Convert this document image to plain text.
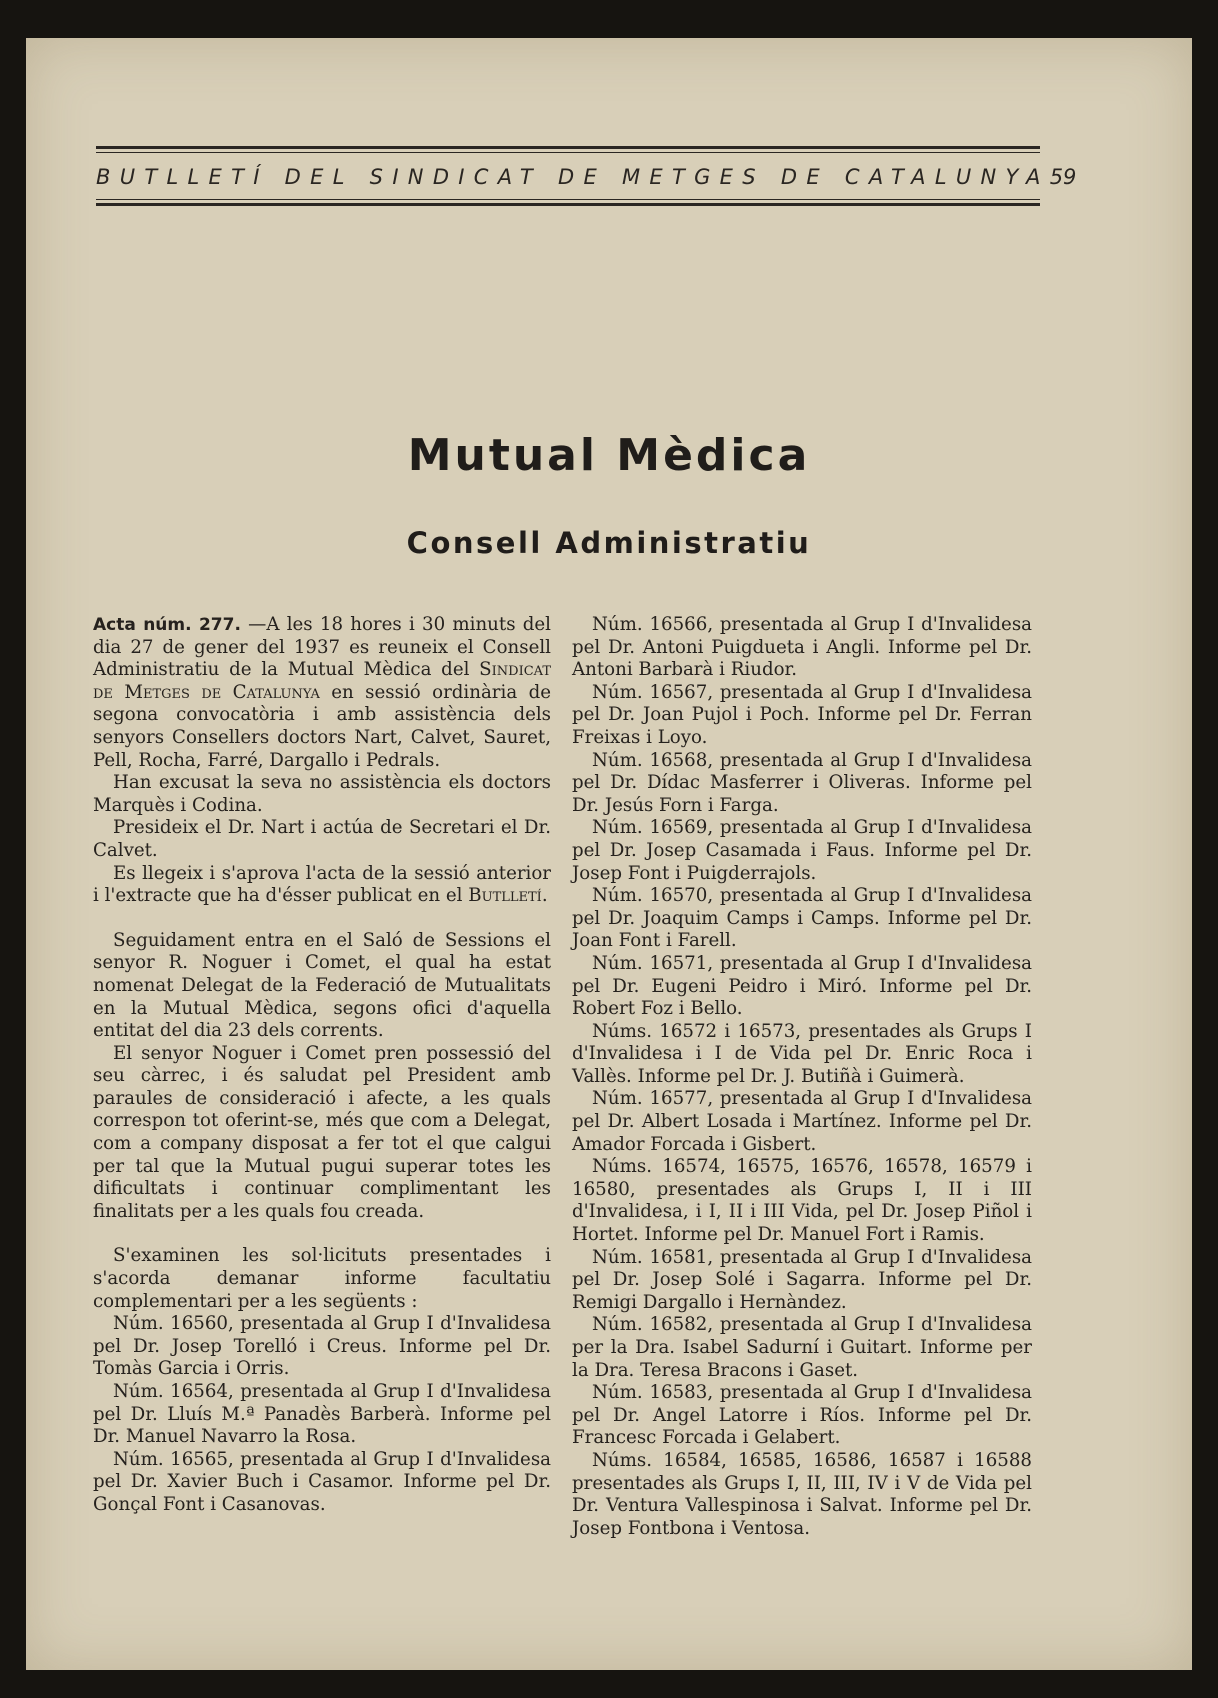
BUTLLETÍ DEL SINDICAT DE METGES DE CATALUNYA 59
Mutual Mèdica
Consell Administratiu

Acta núm. 277. —A les 18 hores i 30 minuts del dia 27 de gener del 1937 es reuneix el Consell Administratiu de la Mutual Mèdica del Sindicat de Metges de Catalunya en sessió ordinària de segona convocatòria i amb assistència dels senyors Consellers doctors Nart, Calvet, Sauret, Pell, Rocha, Farré, Dargallo i Pedrals.

Han excusat la seva no assistència els doctors Marquès i Codina.

Presideix el Dr. Nart i actúa de Secretari el Dr. Calvet.

Es llegeix i s'aprova l'acta de la sessió anterior i l'extracte que ha d'ésser publicat en el Butlletí.

Seguidament entra en el Saló de Sessions el senyor R. Noguer i Comet, el qual ha estat nomenat Delegat de la Federació de Mutualitats en la Mutual Mèdica, segons ofici d'aquella entitat del dia 23 dels corrents.

El senyor Noguer i Comet pren possessió del seu càrrec, i és saludat pel President amb paraules de consideració i afecte, a les quals correspon tot oferint-se, més que com a Delegat, com a company disposat a fer tot el que calgui per tal que la Mutual pugui superar totes les dificultats i continuar complimentant les finalitats per a les quals fou creada.

S'examinen les sol·licituts presentades i s'acorda demanar informe facultatiu complementari per a les següents :

Núm. 16560, presentada al Grup I d'Invalidesa pel Dr. Josep Torelló i Creus. Informe pel Dr. Tomàs Garcia i Orris.

Núm. 16564, presentada al Grup I d'Invalidesa pel Dr. Lluís M.ª Panadès Barberà. Informe pel Dr. Manuel Navarro la Rosa.

Núm. 16565, presentada al Grup I d'Invalidesa pel Dr. Xavier Buch i Casamor. Informe pel Dr. Gonçal Font i Casanovas.

Núm. 16566, presentada al Grup I d'Invalidesa pel Dr. Antoni Puigdueta i Angli. Informe pel Dr. Antoni Barbarà i Riudor.

Núm. 16567, presentada al Grup I d'Invalidesa pel Dr. Joan Pujol i Poch. Informe pel Dr. Ferran Freixas i Loyo.

Núm. 16568, presentada al Grup I d'Invalidesa pel Dr. Dídac Masferrer i Oliveras. Informe pel Dr. Jesús Forn i Farga.

Núm. 16569, presentada al Grup I d'Invalidesa pel Dr. Josep Casamada i Faus. Informe pel Dr. Josep Font i Puigderrajols.

Núm. 16570, presentada al Grup I d'Invalidesa pel Dr. Joaquim Camps i Camps. Informe pel Dr. Joan Font i Farell.

Núm. 16571, presentada al Grup I d'Invalidesa pel Dr. Eugeni Peidro i Miró. Informe pel Dr. Robert Foz i Bello.

Núms. 16572 i 16573, presentades als Grups I d'Invalidesa i I de Vida pel Dr. Enric Roca i Vallès. Informe pel Dr. J. Butiñà i Guimerà.

Núm. 16577, presentada al Grup I d'Invalidesa pel Dr. Albert Losada i Martínez. Informe pel Dr. Amador Forcada i Gisbert.

Núms. 16574, 16575, 16576, 16578, 16579 i 16580, presentades als Grups I, II i III d'Invalidesa, i I, II i III Vida, pel Dr. Josep Piñol i Hortet. Informe pel Dr. Manuel Fort i Ramis.

Núm. 16581, presentada al Grup I d'Invalidesa pel Dr. Josep Solé i Sagarra. Informe pel Dr. Remigi Dargallo i Hernàndez.

Núm. 16582, presentada al Grup I d'Invalidesa per la Dra. Isabel Sadurní i Guitart. Informe per la Dra. Teresa Bracons i Gaset.

Núm. 16583, presentada al Grup I d'Invalidesa pel Dr. Angel Latorre i Ríos. Informe pel Dr. Francesc Forcada i Gelabert.

Núms. 16584, 16585, 16586, 16587 i 16588 presentades als Grups I, II, III, IV i V de Vida pel Dr. Ventura Vallespinosa i Salvat. Informe pel Dr. Josep Fontbona i Ventosa.
